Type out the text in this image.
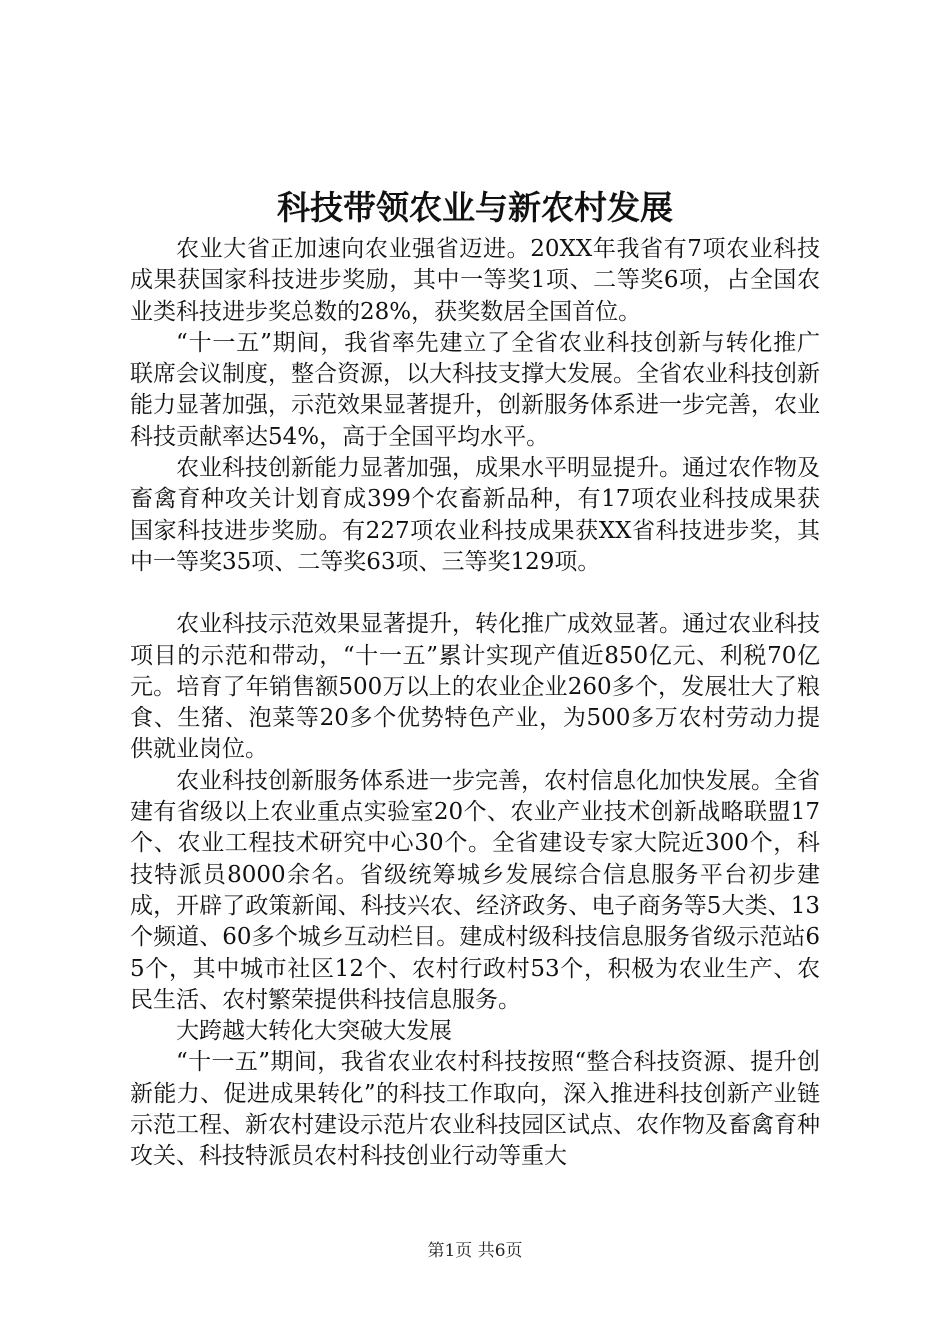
科技带领农业与新农村发展

农业大省正加速向农业强省迈进。20XX年我省有7项农业科技成果获国家科技进步奖励，其中一等奖1项、二等奖6项，占全国农业类科技进步奖总数的28%，获奖数居全国首位。

“十一五”期间，我省率先建立了全省农业科技创新与转化推广联席会议制度，整合资源，以大科技支撑大发展。全省农业科技创新能力显著加强，示范效果显著提升，创新服务体系进一步完善，农业科技贡献率达54%，高于全国平均水平。

农业科技创新能力显著加强，成果水平明显提升。通过农作物及畜禽育种攻关计划育成399个农畜新品种，有17项农业科技成果获国家科技进步奖励。有227项农业科技成果获XX省科技进步奖，其中一等奖35项、二等奖63项、三等奖129项。

农业科技示范效果显著提升，转化推广成效显著。通过农业科技项目的示范和带动，“十一五”累计实现产值近850亿元、利税70亿元。培育了年销售额500万以上的农业企业260多个，发展壮大了粮食、生猪、泡菜等20多个优势特色产业，为500多万农村劳动力提供就业岗位。

农业科技创新服务体系进一步完善，农村信息化加快发展。全省建有省级以上农业重点实验室20个、农业产业技术创新战略联盟17个、农业工程技术研究中心30个。全省建设专家大院近300个，科技特派员8000余名。省级统筹城乡发展综合信息服务平台初步建成，开辟了政策新闻、科技兴农、经济政务、电子商务等5大类、13个频道、60多个城乡互动栏目。建成村级科技信息服务省级示范站65个，其中城市社区12个、农村行政村53个，积极为农业生产、农民生活、农村繁荣提供科技信息服务。

大跨越大转化大突破大发展

“十一五”期间，我省农业农村科技按照“整合科技资源、提升创新能力、促进成果转化”的科技工作取向，深入推进科技创新产业链示范工程、新农村建设示范片农业科技园区试点、农作物及畜禽育种攻关、科技特派员农村科技创业行动等重大

第1页 共6页
